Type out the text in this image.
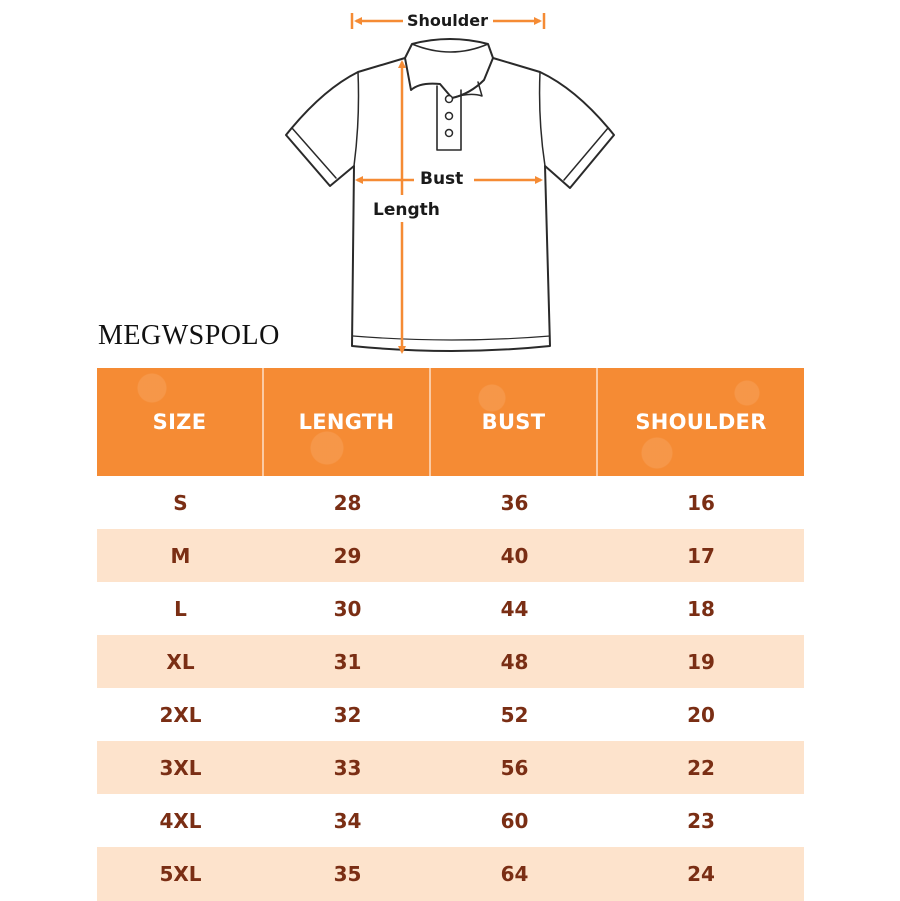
Shoulder
Bust
Length
MEGWSPOLO
SIZE	LENGTH	BUST	SHOULDER
S	28	36	16
M	29	40	17
L	30	44	18
XL	31	48	19
2XL	32	52	20
3XL	33	56	22
4XL	34	60	23
5XL	35	64	24
